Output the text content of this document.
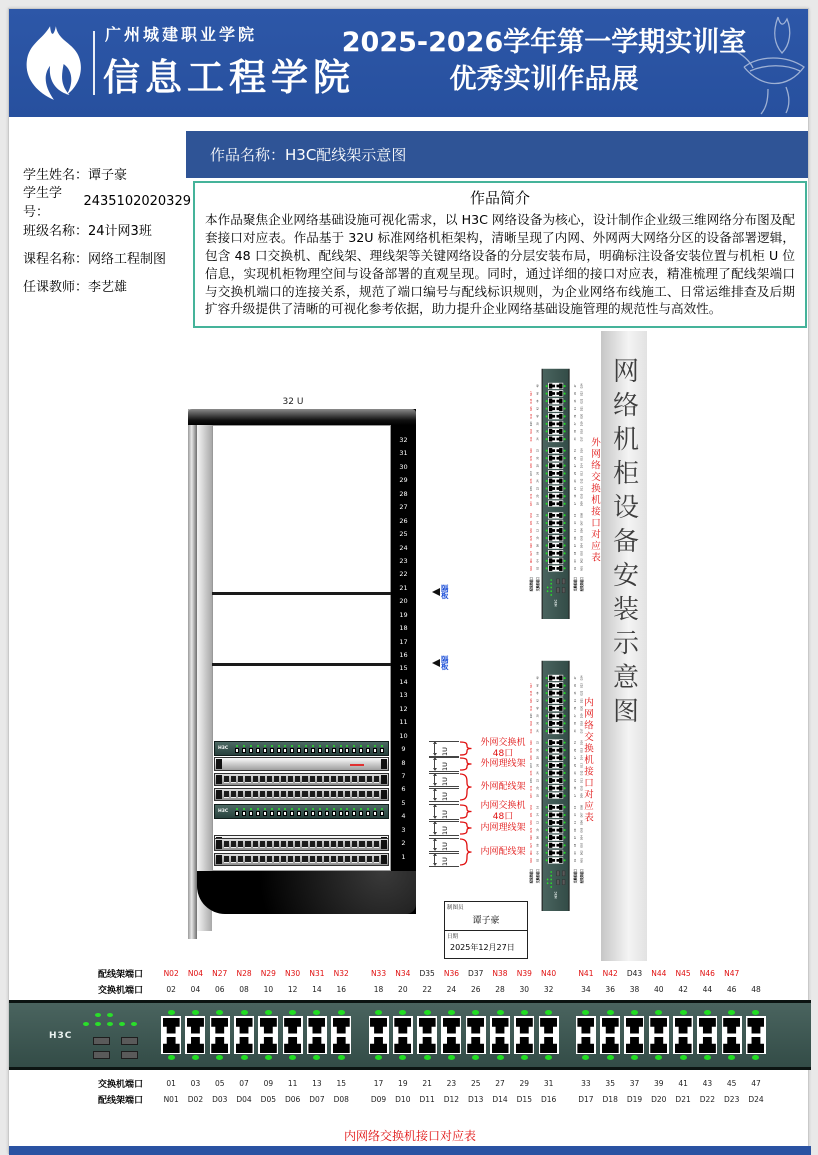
广州城建职业学院
信息工程学院
2025-2026学年第一学期实训室
优秀实训作品展
学生姓名： 谭子豪
学生学号：
2435102020329
班级名称： 24计网3班
课程名称： 网络工程制图
任课教师： 李艺雄
作品名称： H3C配线架示意图
作品简介
本作品聚焦企业网络基础设施可视化需求，以 H3C 网络设备为核心，设计制作企业级三维网络分布图及配套接口对应表。作品基于 32U 标准网络机柜架构，清晰呈现了内网、外网两大网络分区的设备部署逻辑，包含 48 口交换机、配线架、理线架等关键网络设备的分层安装布局，明确标注设备安装位置与机柜 U 位信息，实现机柜物理空间与设备部署的直观呈现。同时，通过详细的接口对应表，精准梳理了配线架端口与交换机端口的连接关系，规范了端口编号与配线标识规则，为企业网络布线施工、日常运维排查及后期扩容升级提供了清晰的可视化参考依据，助力提升企业网络基础设施管理的规范性与高效性。
网络机柜设备安装示意图
32 U
32
31
30
29
28
27
26
25
24
23
22
21
20
19
18
17
16
15
14
13
12
11
10
9
8
7
6
5
4
3
2
1
H3C
H3C
1U
1U
1U
1U
1U
1U
1U
1U
外网交换机
48口
外网理线架
外网配线架
内网交换机
48口
内网理线架
内网配线架
隔
板
隔
板
配线架端口
N02
N04
N27
N28
N29
N30
N31
N32
N33
N34
D35
N36
D37
N38
N39
N40
N41
N42
D43
N44
N45
N46
N47
交换机端口
02
04
06
08
10
12
14
16
18
20
22
24
26
28
30
32
34
36
38
40
42
44
46
48
H3C
交换机端口
01
03
05
07
09
11
13
15
17
19
21
23
25
27
29
31
33
35
37
39
41
43
45
47
配线架端口
N01
D02
D03
D04
D05
D06
D07
D08
D09
D10
D11
D12
D13
D14
D15
D16
D17
D18
D19
D20
D21
D22
D23
D24
外网络交换机接口对应表
配线架端口
N02
N04
N27
N28
N29
N30
N31
N32
N33
N34
D35
N36
D37
N38
N39
N40
N41
N42
D43
N44
N45
N46
N47
交换机端口
02
04
06
08
10
12
14
16
18
20
22
24
26
28
30
32
34
36
38
40
42
44
46
48
H3C
交换机端口
01
03
05
07
09
11
13
15
17
19
21
23
25
27
29
31
33
35
37
39
41
43
45
47
配线架端口
N01
D02
D03
D04
D05
D06
D07
D08
D09
D10
D11
D12
D13
D14
D15
D16
D17
D18
D19
D20
D21
D22
D23
D24
内网络交换机接口对应表
制图员
谭子豪
日期
2025年12月27日
配线架端口	N02	N04	N27	N28	N29	N30	N31	N32	N33	N34	D35	N36	D37	N38	N39	N40	N41	N42	D43	N44	N45	N46	N47
交换机端口	02	04	06	08	10	12	14	16	18	20	22	24	26	28	30	32	34	36	38	40	42	44	46	48
H3C
交换机端口	01	03	05	07	09	11	13	15	17	19	21	23	25	27	29	31	33	35	37	39	41	43	45	47
配线架端口	N01	D02	D03	D04	D05	D06	D07	D08	D09	D10	D11	D12	D13	D14	D15	D16	D17	D18	D19	D20	D21	D22	D23	D24
内网络交换机接口对应表
